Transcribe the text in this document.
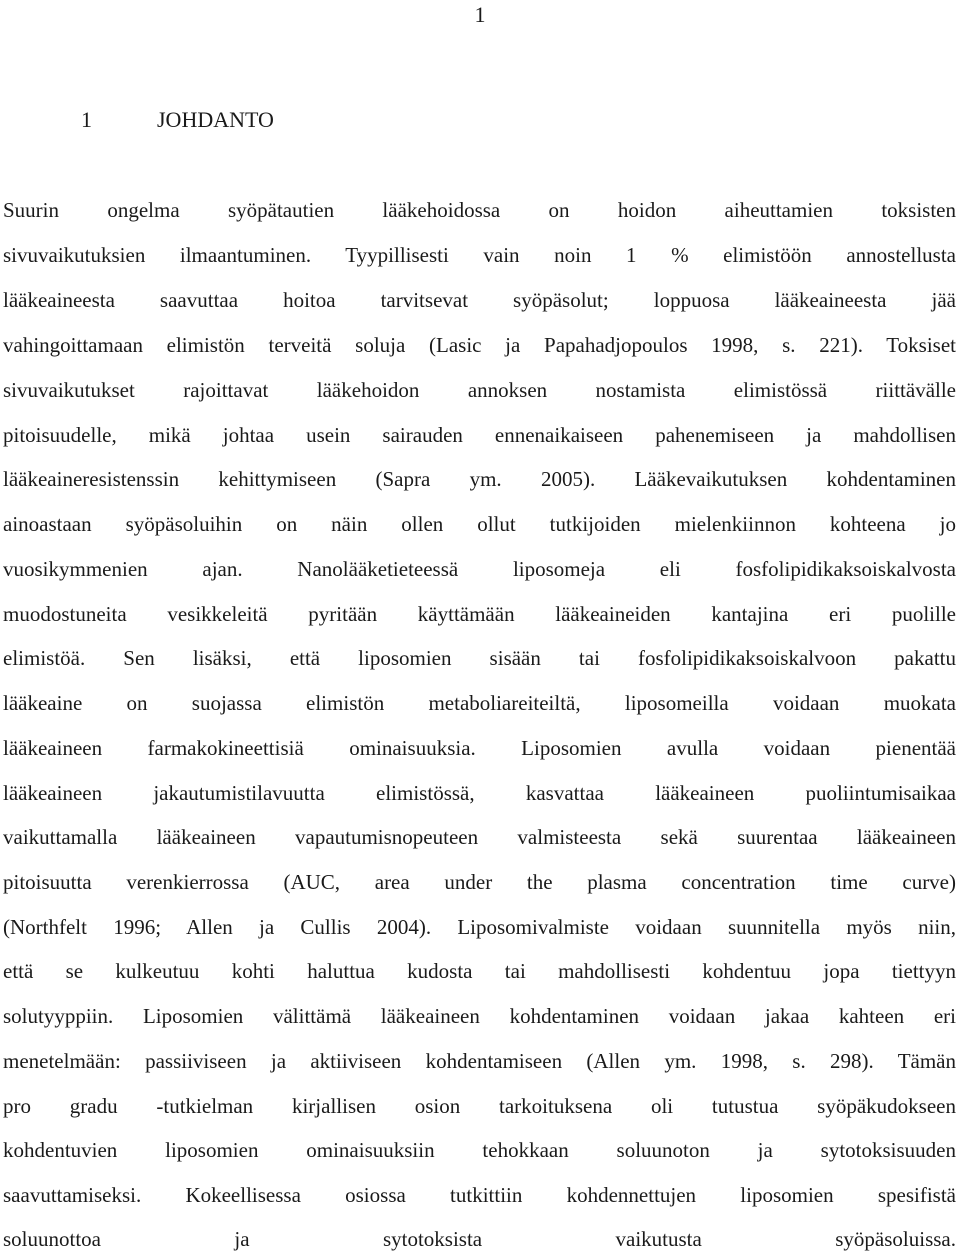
1
1	JOHDANTO
Suurin ongelma syöpätautien lääkehoidossa on hoidon aiheuttamien toksisten
sivuvaikutuksien ilmaantuminen. Tyypillisesti vain noin 1 % elimistöön annostellusta
lääkeaineesta saavuttaa hoitoa tarvitsevat syöpäsolut; loppuosa lääkeaineesta jää
vahingoittamaan elimistön terveitä soluja (Lasic ja Papahadjopoulos 1998, s. 221). Toksiset
sivuvaikutukset rajoittavat lääkehoidon annoksen nostamista elimistössä riittävälle
pitoisuudelle, mikä johtaa usein sairauden ennenaikaiseen pahenemiseen ja mahdollisen
lääkeaineresistenssin kehittymiseen (Sapra ym. 2005). Lääkevaikutuksen kohdentaminen
ainoastaan syöpäsoluihin on näin ollen ollut tutkijoiden mielenkiinnon kohteena jo
vuosikymmenien ajan. Nanolääketieteessä liposomeja eli fosfolipidikaksoiskalvosta
muodostuneita vesikkeleitä pyritään käyttämään lääkeaineiden kantajina eri puolille
elimistöä. Sen lisäksi, että liposomien sisään tai fosfolipidikaksoiskalvoon pakattu
lääkeaine on suojassa elimistön metaboliareiteiltä, liposomeilla voidaan muokata
lääkeaineen farmakokineettisiä ominaisuuksia. Liposomien avulla voidaan pienentää
lääkeaineen jakautumistilavuutta elimistössä, kasvattaa lääkeaineen puoliintumisaikaa
vaikuttamalla lääkeaineen vapautumisnopeuteen valmisteesta sekä suurentaa lääkeaineen
pitoisuutta verenkierrossa (AUC, area under the plasma concentration time curve)
(Northfelt 1996; Allen ja Cullis 2004). Liposomivalmiste voidaan suunnitella myös niin,
että se kulkeutuu kohti haluttua kudosta tai mahdollisesti kohdentuu jopa tiettyyn
solutyyppiin. Liposomien välittämä lääkeaineen kohdentaminen voidaan jakaa kahteen eri
menetelmään: passiiviseen ja aktiiviseen kohdentamiseen (Allen ym. 1998, s. 298). Tämän
pro gradu -tutkielman kirjallisen osion tarkoituksena oli tutustua syöpäkudokseen
kohdentuvien liposomien ominaisuuksiin tehokkaan soluunoton ja sytotoksisuuden
saavuttamiseksi. Kokeellisessa osiossa tutkittiin kohdennettujen liposomien spesifistä
soluunottoa ja sytotoksista vaikutusta syöpäsoluissa.
